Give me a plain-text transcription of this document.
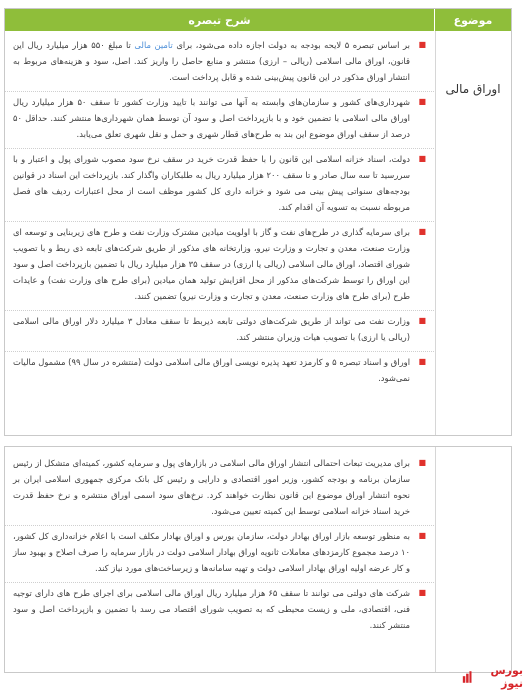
موضوع
شرح تبصره
اوراق مالی
■
بر اساس تبصره ۵ لایحه بودجه به دولت اجازه داده می‌شود، برای تامین مالی تا مبلغ ۵۵۰ هزار میلیارد ریال این قانون، اوراق مالی اسلامی (ریالی – ارزی) منتشر و منابع حاصل را واریز کند. اصل، سود و هزینه‌های مربوط به انتشار اوراق مذکور در این قانون پیش‌بینی شده و قابل پرداخت است.
■
شهرداری‌های کشور و سازمان‌های وابسته به آنها می توانند با تایید وزارت کشور تا سقف ۵۰ هزار میلیارد ریال اوراق مالی اسلامی با تضمین خود و با بازپرداخت اصل و سود آن توسط همان شهرداری‌ها منتشر کنند. حداقل ۵۰ درصد از سقف اوراق موضوع این بند به طرح‌های قطار شهری و حمل و نقل شهری تعلق می‌یابد.
■
دولت، اسناد خزانه اسلامی این قانون را با حفظ قدرت خرید در سقف نرخ سود مصوب شورای پول و اعتبار و با سررسید تا سه سال صادر و تا سقف ۲۰۰ هزار میلیارد ریال به طلبکاران واگذار کند. بازپرداخت این اسناد در قوانین بودجه‌های سنواتی پیش بینی می شود و خزانه داری کل کشور موظف است از محل اعتبارات ردیف های فصل مربوطه نسبت به تسویه آن اقدام کند.
■
برای سرمایه گذاری در طرح‌های نفت و گاز با اولویت میادین مشترک وزارت نفت و طرح های زیربنایی و توسعه ای وزارت صنعت، معدن و تجارت و وزارت نیرو، وزارتخانه های مذکور از طریق شرکت‌های تابعه ذی ربط و با تصویب شورای اقتصاد، اوراق مالی اسلامی (ریالی یا ارزی) در سقف ۳۵ هزار میلیارد ریال با تضمین بازپرداخت اصل و سود این اوراق را توسط شرکت‌های مذکور از محل افزایش تولید همان میادین (برای طرح های وزارت نفت) و عایدات طرح (برای طرح های وزارت صنعت، معدن و تجارت و وزارت نیرو) تضمین کنند.
■
وزارت نفت می تواند از طریق شرکت‌های دولتی تابعه ذیربط تا سقف معادل ۳ میلیارد دلار اوراق مالی اسلامی (ریالی یا ارزی) با تصویب هیات وزیران منتشر کند.
■
اوراق و اسناد تبصره ۵ و کارمزد تعهد پذیره نویسی اوراق مالی اسلامی دولت (منتشره در سال ۹۹) مشمول مالیات نمی‌شود.
■
برای مدیریت تبعات احتمالی انتشار اوراق مالی اسلامی در بازارهای پول و سرمایه کشور، کمیته‌ای متشکل از رئیس سازمان برنامه و بودجه کشور، وزیر امور اقتصادی و دارایی و رئیس کل بانک مرکزی جمهوری اسلامی ایران بر نحوه انتشار اوراق موضوع این قانون نظارت خواهند کرد. نرخ‌های سود اسمی اوراق منتشره و نرخ حفظ قدرت خرید اسناد خزانه اسلامی توسط این کمیته تعیین می‌شود.
■
به منظور توسعه بازار اوراق بهادار دولت، سازمان بورس و اوراق بهادار مکلف است با اعلام خزانه‌داری کل کشور، ۱۰ درصد مجموع کارمزدهای معاملات ثانویه اوراق بهادار اسلامی دولت در بازار سرمایه را صرف اصلاح و بهبود ساز و کار عرضه اولیه اوراق بهادار اسلامی دولت و تهیه سامانه‌ها و زیرساخت‌های مورد نیاز کند.
■
شرکت های دولتی می توانند تا سقف ۶۵ هزار میلیارد ریال اوراق مالی اسلامی برای اجرای طرح های دارای توجیه فنی، اقتصادی، ملی و زیست محیطی که به تصویب شورای اقتصاد می رسد با تضمین و بازپرداخت اصل و سود منتشر کنند.
بورس نیوز
